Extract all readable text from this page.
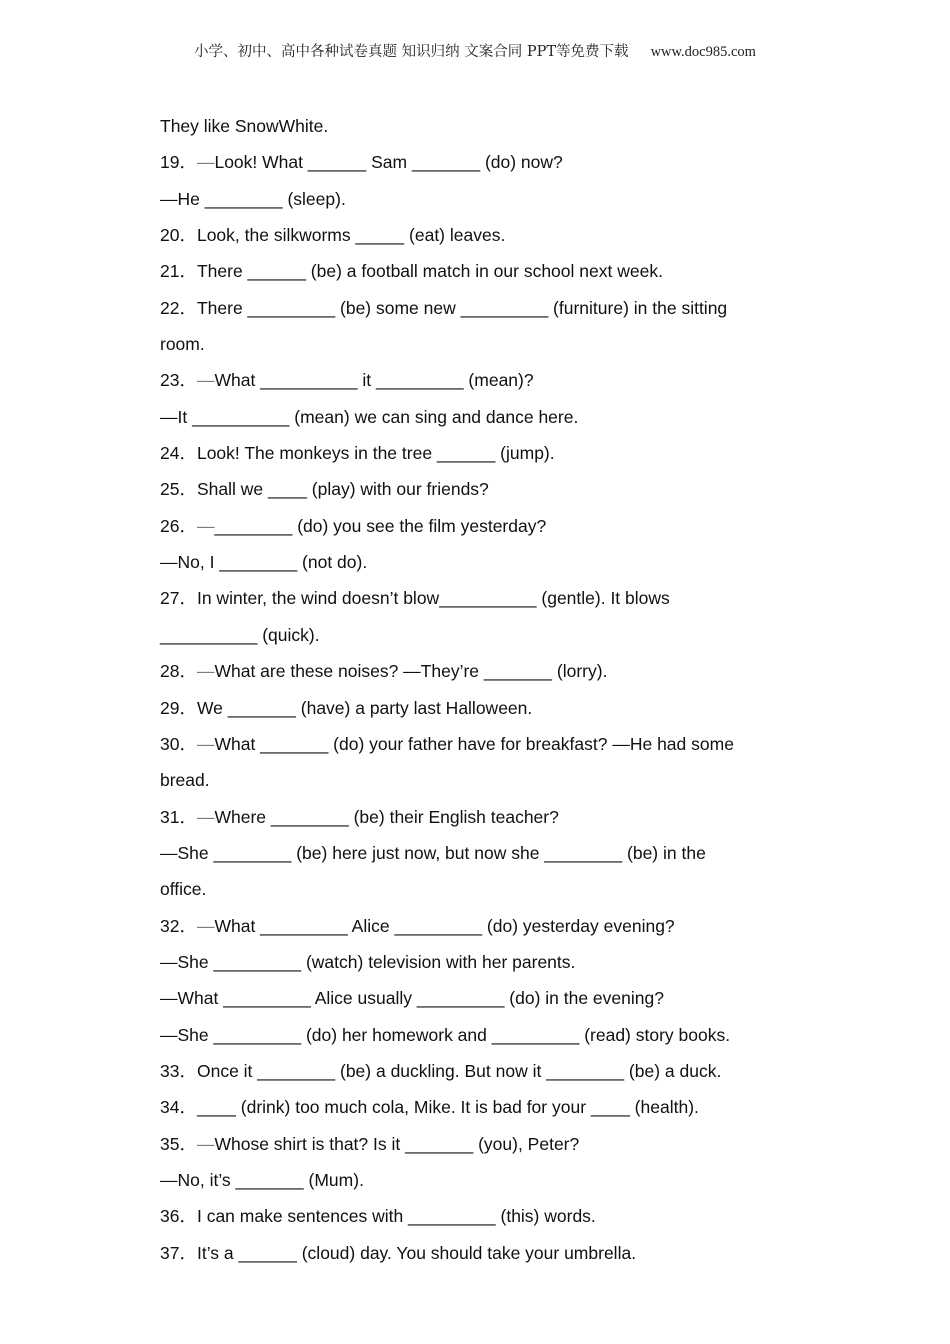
小学、初中、高中各种试卷真题 知识归纳 文案合同 PPT等免费下载 www.doc985.com
They like SnowWhite.
19．—Look! What ______ Sam _______ (do) now?
—He ________ (sleep).
20．Look, the silkworms _____ (eat) leaves.
21．There ______ (be) a football match in our school next week.
22．There _________ (be) some new _________ (furniture) in the sitting
room.
23．—What __________ it _________ (mean)?
—It __________ (mean) we can sing and dance here.
24．Look! The monkeys in the tree ______ (jump).
25．Shall we ____ (play) with our friends?
26．—________ (do) you see the film yesterday?
—No, I ________ (not do).
27．In winter, the wind doesn’t blow__________ (gentle). It blows
__________ (quick).
28．—What are these noises? —They’re _______ (lorry).
29．We _______ (have) a party last Halloween.
30．—What _______ (do) your father have for breakfast? —He had some
bread.
31．—Where ________ (be) their English teacher?
—She ________ (be) here just now, but now she ________ (be) in the
office.
32．—What _________ Alice _________ (do) yesterday evening?
—She _________ (watch) television with her parents.
—What _________ Alice usually _________ (do) in the evening?
—She _________ (do) her homework and _________ (read) story books.
33．Once it ________ (be) a duckling. But now it ________ (be) a duck.
34．____ (drink) too much cola, Mike. It is bad for your ____ (health).
35．—Whose shirt is that? Is it _______ (you), Peter?
—No, it’s _______ (Mum).
36．I can make sentences with _________ (this) words.
37．It’s a ______ (cloud) day. You should take your umbrella.
